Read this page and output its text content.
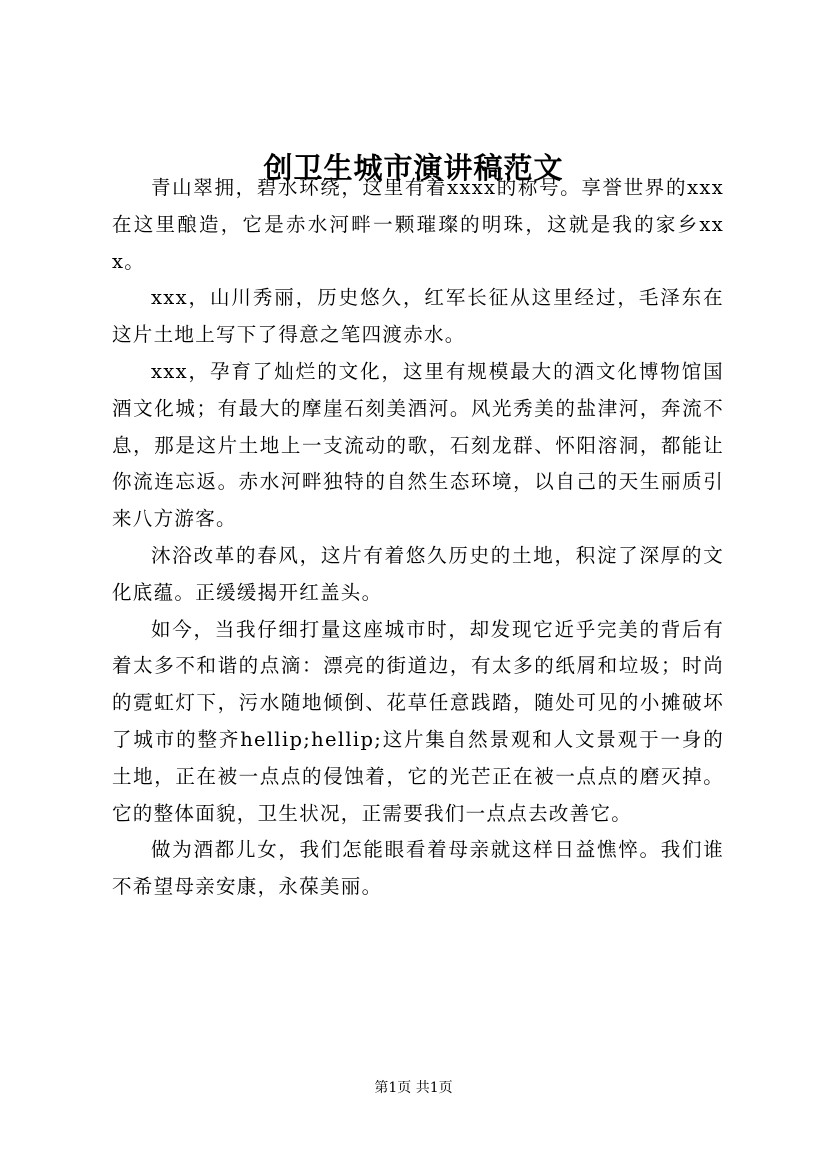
创卫生城市演讲稿范文

青山翠拥，碧水环绕，这里有着xxxx的称号。享誉世界的xxx在这里酿造，它是赤水河畔一颗璀璨的明珠，这就是我的家乡xxx。

xxx，山川秀丽，历史悠久，红军长征从这里经过，毛泽东在这片土地上写下了得意之笔四渡赤水。

xxx，孕育了灿烂的文化，这里有规模最大的酒文化博物馆国酒文化城；有最大的摩崖石刻美酒河。风光秀美的盐津河，奔流不息，那是这片土地上一支流动的歌，石刻龙群、怀阳溶洞，都能让你流连忘返。赤水河畔独特的自然生态环境，以自己的天生丽质引来八方游客。

沐浴改革的春风，这片有着悠久历史的土地，积淀了深厚的文化底蕴。正缓缓揭开红盖头。

如今，当我仔细打量这座城市时，却发现它近乎完美的背后有着太多不和谐的点滴：漂亮的街道边，有太多的纸屑和垃圾；时尚的霓虹灯下，污水随地倾倒、花草任意践踏，随处可见的小摊破坏了城市的整齐hellip;hellip;这片集自然景观和人文景观于一身的土地，正在被一点点的侵蚀着，它的光芒正在被一点点的磨灭掉。它的整体面貌，卫生状况，正需要我们一点点去改善它。

做为酒都儿女，我们怎能眼看着母亲就这样日益憔悴。我们谁不希望母亲安康，永葆美丽。

第1页 共1页
